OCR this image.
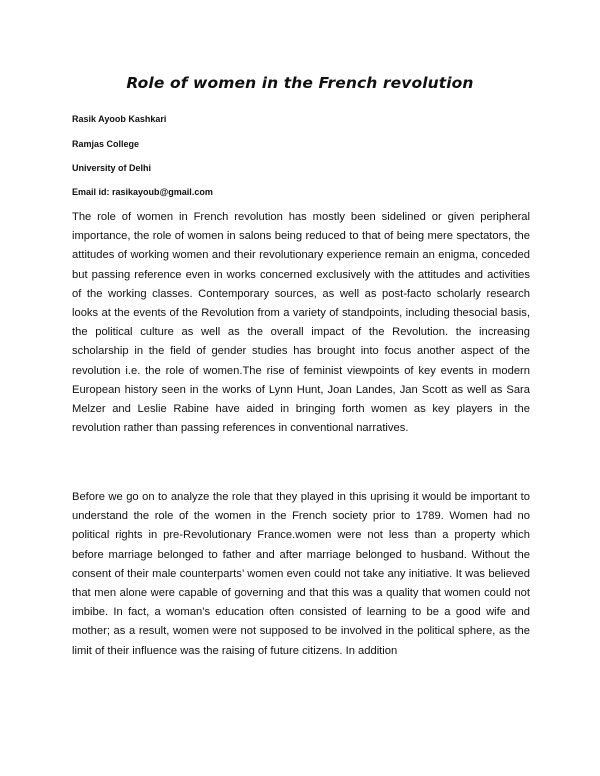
Role of women in the French revolution

Rasik Ayoob Kashkari

Ramjas College

University of Delhi

Email id: rasikayoub@gmail.com

The role of women in French revolution has mostly been sidelined or given peripheral importance, the role of women in salons being reduced to that of being mere spectators, the attitudes of working women and their revolutionary experience remain an enigma, conceded but passing reference even in works concerned exclusively with the attitudes and activities of the working classes. Contemporary sources, as well as post-facto scholarly research looks at the events of the Revolution from a variety of standpoints, including thesocial basis, the political culture as well as the overall impact of the Revolution. the increasing scholarship in the field of gender studies has brought into focus another aspect of the revolution i.e. the role of women.The rise of feminist viewpoints of key events in modern European history seen in the works of Lynn Hunt, Joan Landes, Jan Scott as well as Sara Melzer and Leslie Rabine have aided in bringing forth women as key players in the revolution rather than passing references in conventional narratives.

Before we go on to analyze the role that they played in this uprising it would be important to understand the role of the women in the French society prior to 1789. Women had no political rights in pre-Revolutionary France.women were not less than a property which before marriage belonged to father and after marriage belonged to husband. Without the consent of their male counterparts’ women even could not take any initiative. It was believed that men alone were capable of governing and that this was a quality that women could not imbibe. In fact, a woman’s education often consisted of learning to be a good wife and mother; as a result, women were not supposed to be involved in the political sphere, as the limit of their influence was the raising of future citizens. In addition
